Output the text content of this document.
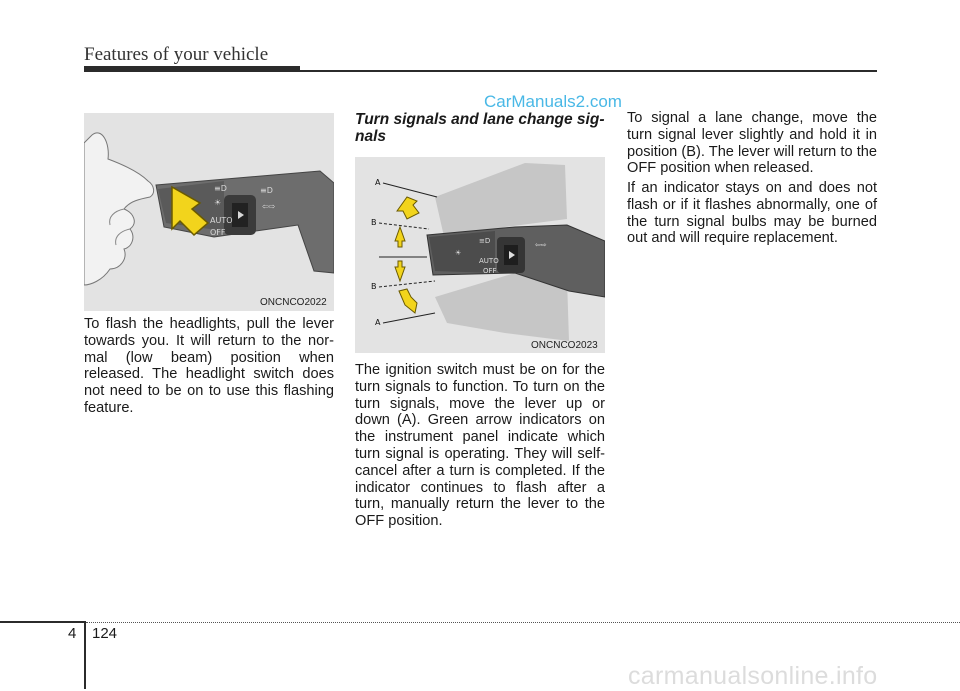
Features of your vehicle
CarManuals2.com
≡D
☀
AUTO
OFF
≡D
⇦⇨
ONCNCO2022

To flash the headlights, pull the lever towards you. It will return to the nor-mal (low beam) position when released. The headlight switch does not need to be on to use this flashing feature.

Turn signals and lane change sig-nals

≡D
☀
AUTO
OFF
⇦⇨
A
B
B
A
ONCNCO2023

The ignition switch must be on for the turn signals to function. To turn on the turn signals, move the lever up or down (A). Green arrow indicators on the instrument panel indicate which turn signal is operating. They will self-cancel after a turn is completed. If the indicator continues to flash after a turn, manually return the lever to the OFF position.

To signal a lane change, move the turn signal lever slightly and hold it in position (B). The lever will return to the OFF position when released.

If an indicator stays on and does not flash or if it flashes abnormally, one of the turn signal bulbs may be burned out and will require replacement.

4 124
carmanualsonline.info
